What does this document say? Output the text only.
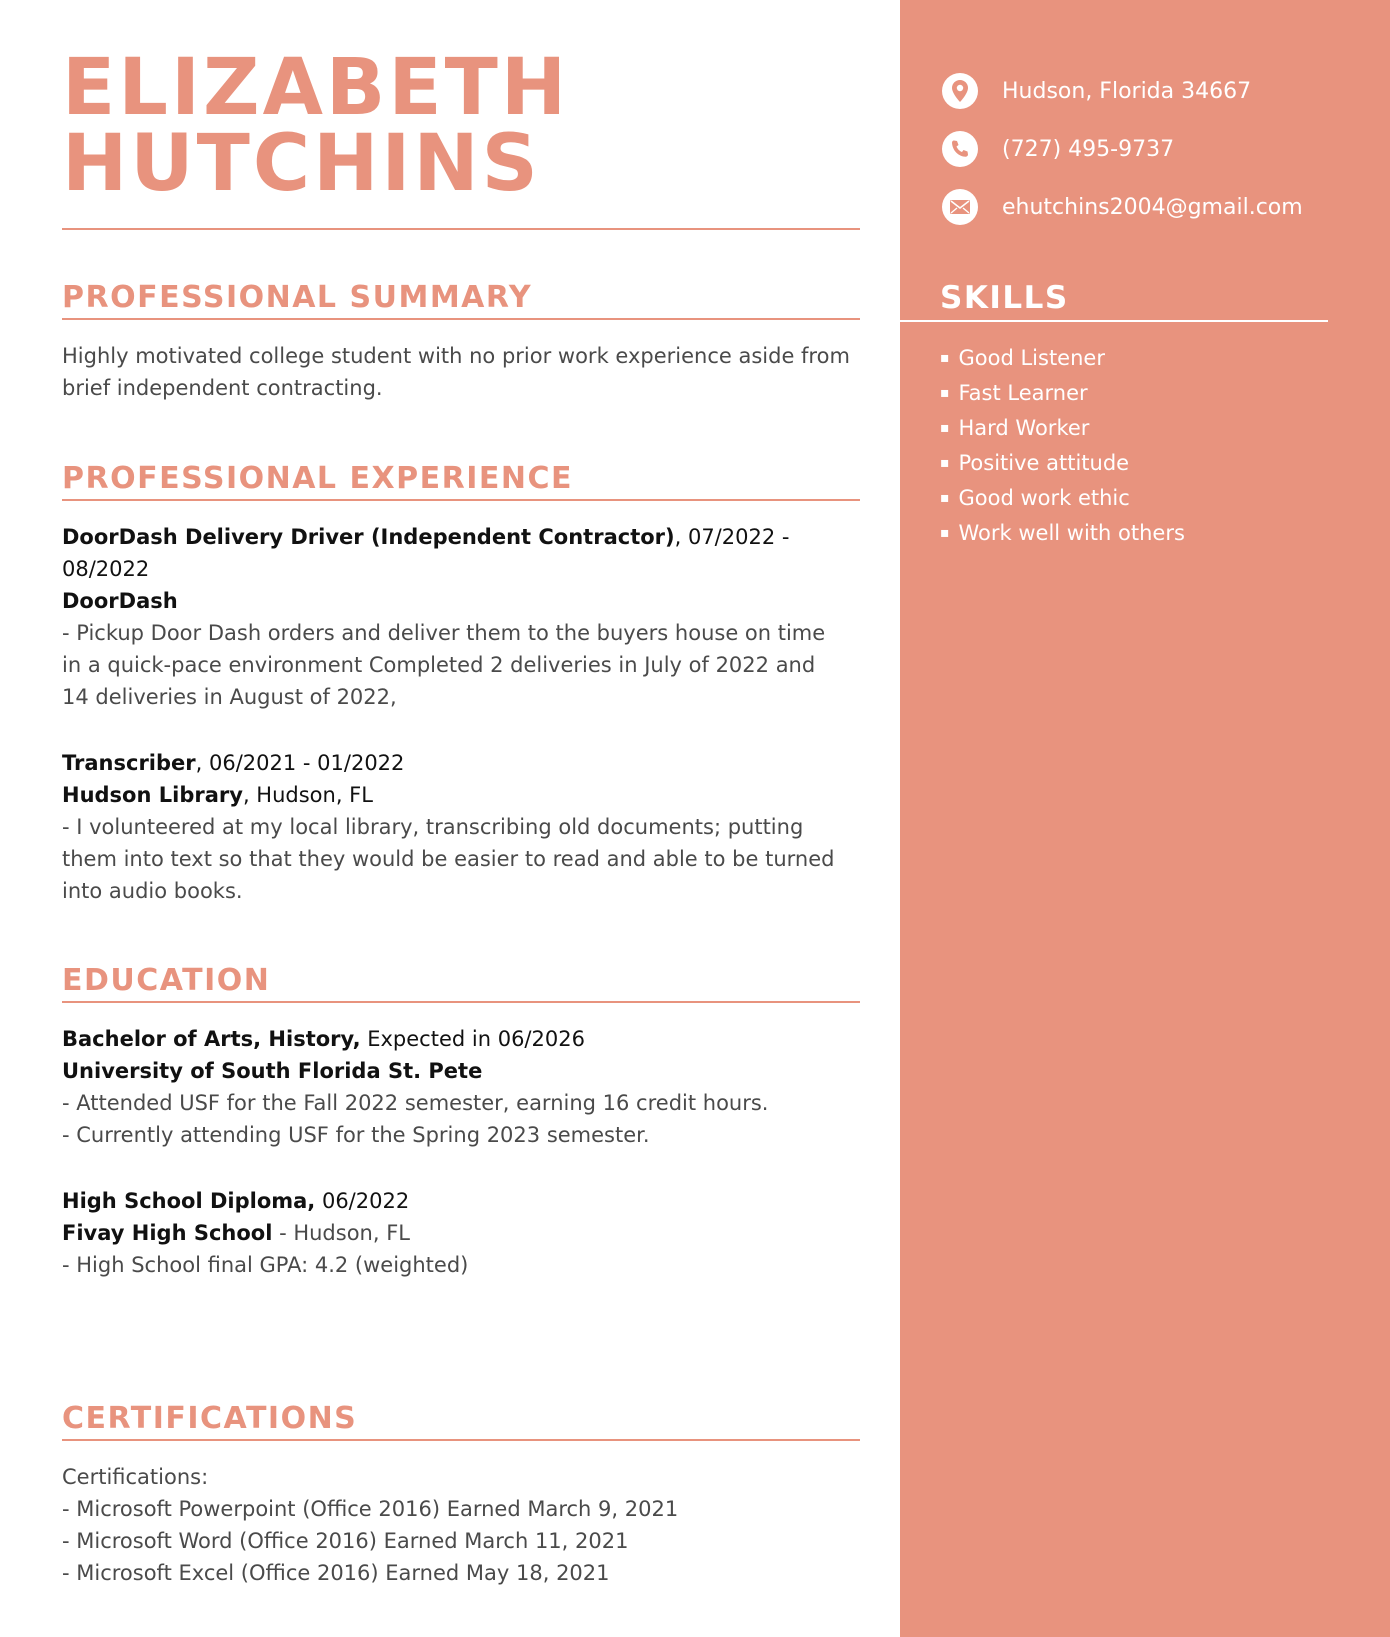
ELIZABETH
HUTCHINS
PROFESSIONAL SUMMARY

Highly motivated college student with no prior work experience aside from brief independent contracting.

PROFESSIONAL EXPERIENCE
DoorDash Delivery Driver (Independent Contractor), 07/2022 - 08/2022
DoorDash

- Pickup Door Dash orders and deliver them to the buyers house on time in a quick-pace environment Completed 2 deliveries in July of 2022 and 14 deliveries in August of 2022,

Transcriber, 06/2021 - 01/2022
Hudson Library, Hudson, FL

- I volunteered at my local library, transcribing old documents; putting them into text so that they would be easier to read and able to be turned into audio books.

EDUCATION
Bachelor of Arts, History, Expected in 06/2026
University of South Florida St. Pete
- Attended USF for the Fall 2022 semester, earning 16 credit hours.
- Currently attending USF for the Spring 2023 semester.
High School Diploma, 06/2022
Fivay High School - Hudson, FL
- High School final GPA: 4.2 (weighted)
CERTIFICATIONS
Certifications:
- Microsoft Powerpoint (Office 2016) Earned March 9, 2021
- Microsoft Word (Office 2016) Earned March 11, 2021
- Microsoft Excel (Office 2016) Earned May 18, 2021
Hudson, Florida 34667
(727) 495-9737
ehutchins2004@gmail.com
SKILLS
▪ Good Listener
▪ Fast Learner
▪ Hard Worker
▪ Positive attitude
▪ Good work ethic
▪ Work well with others
